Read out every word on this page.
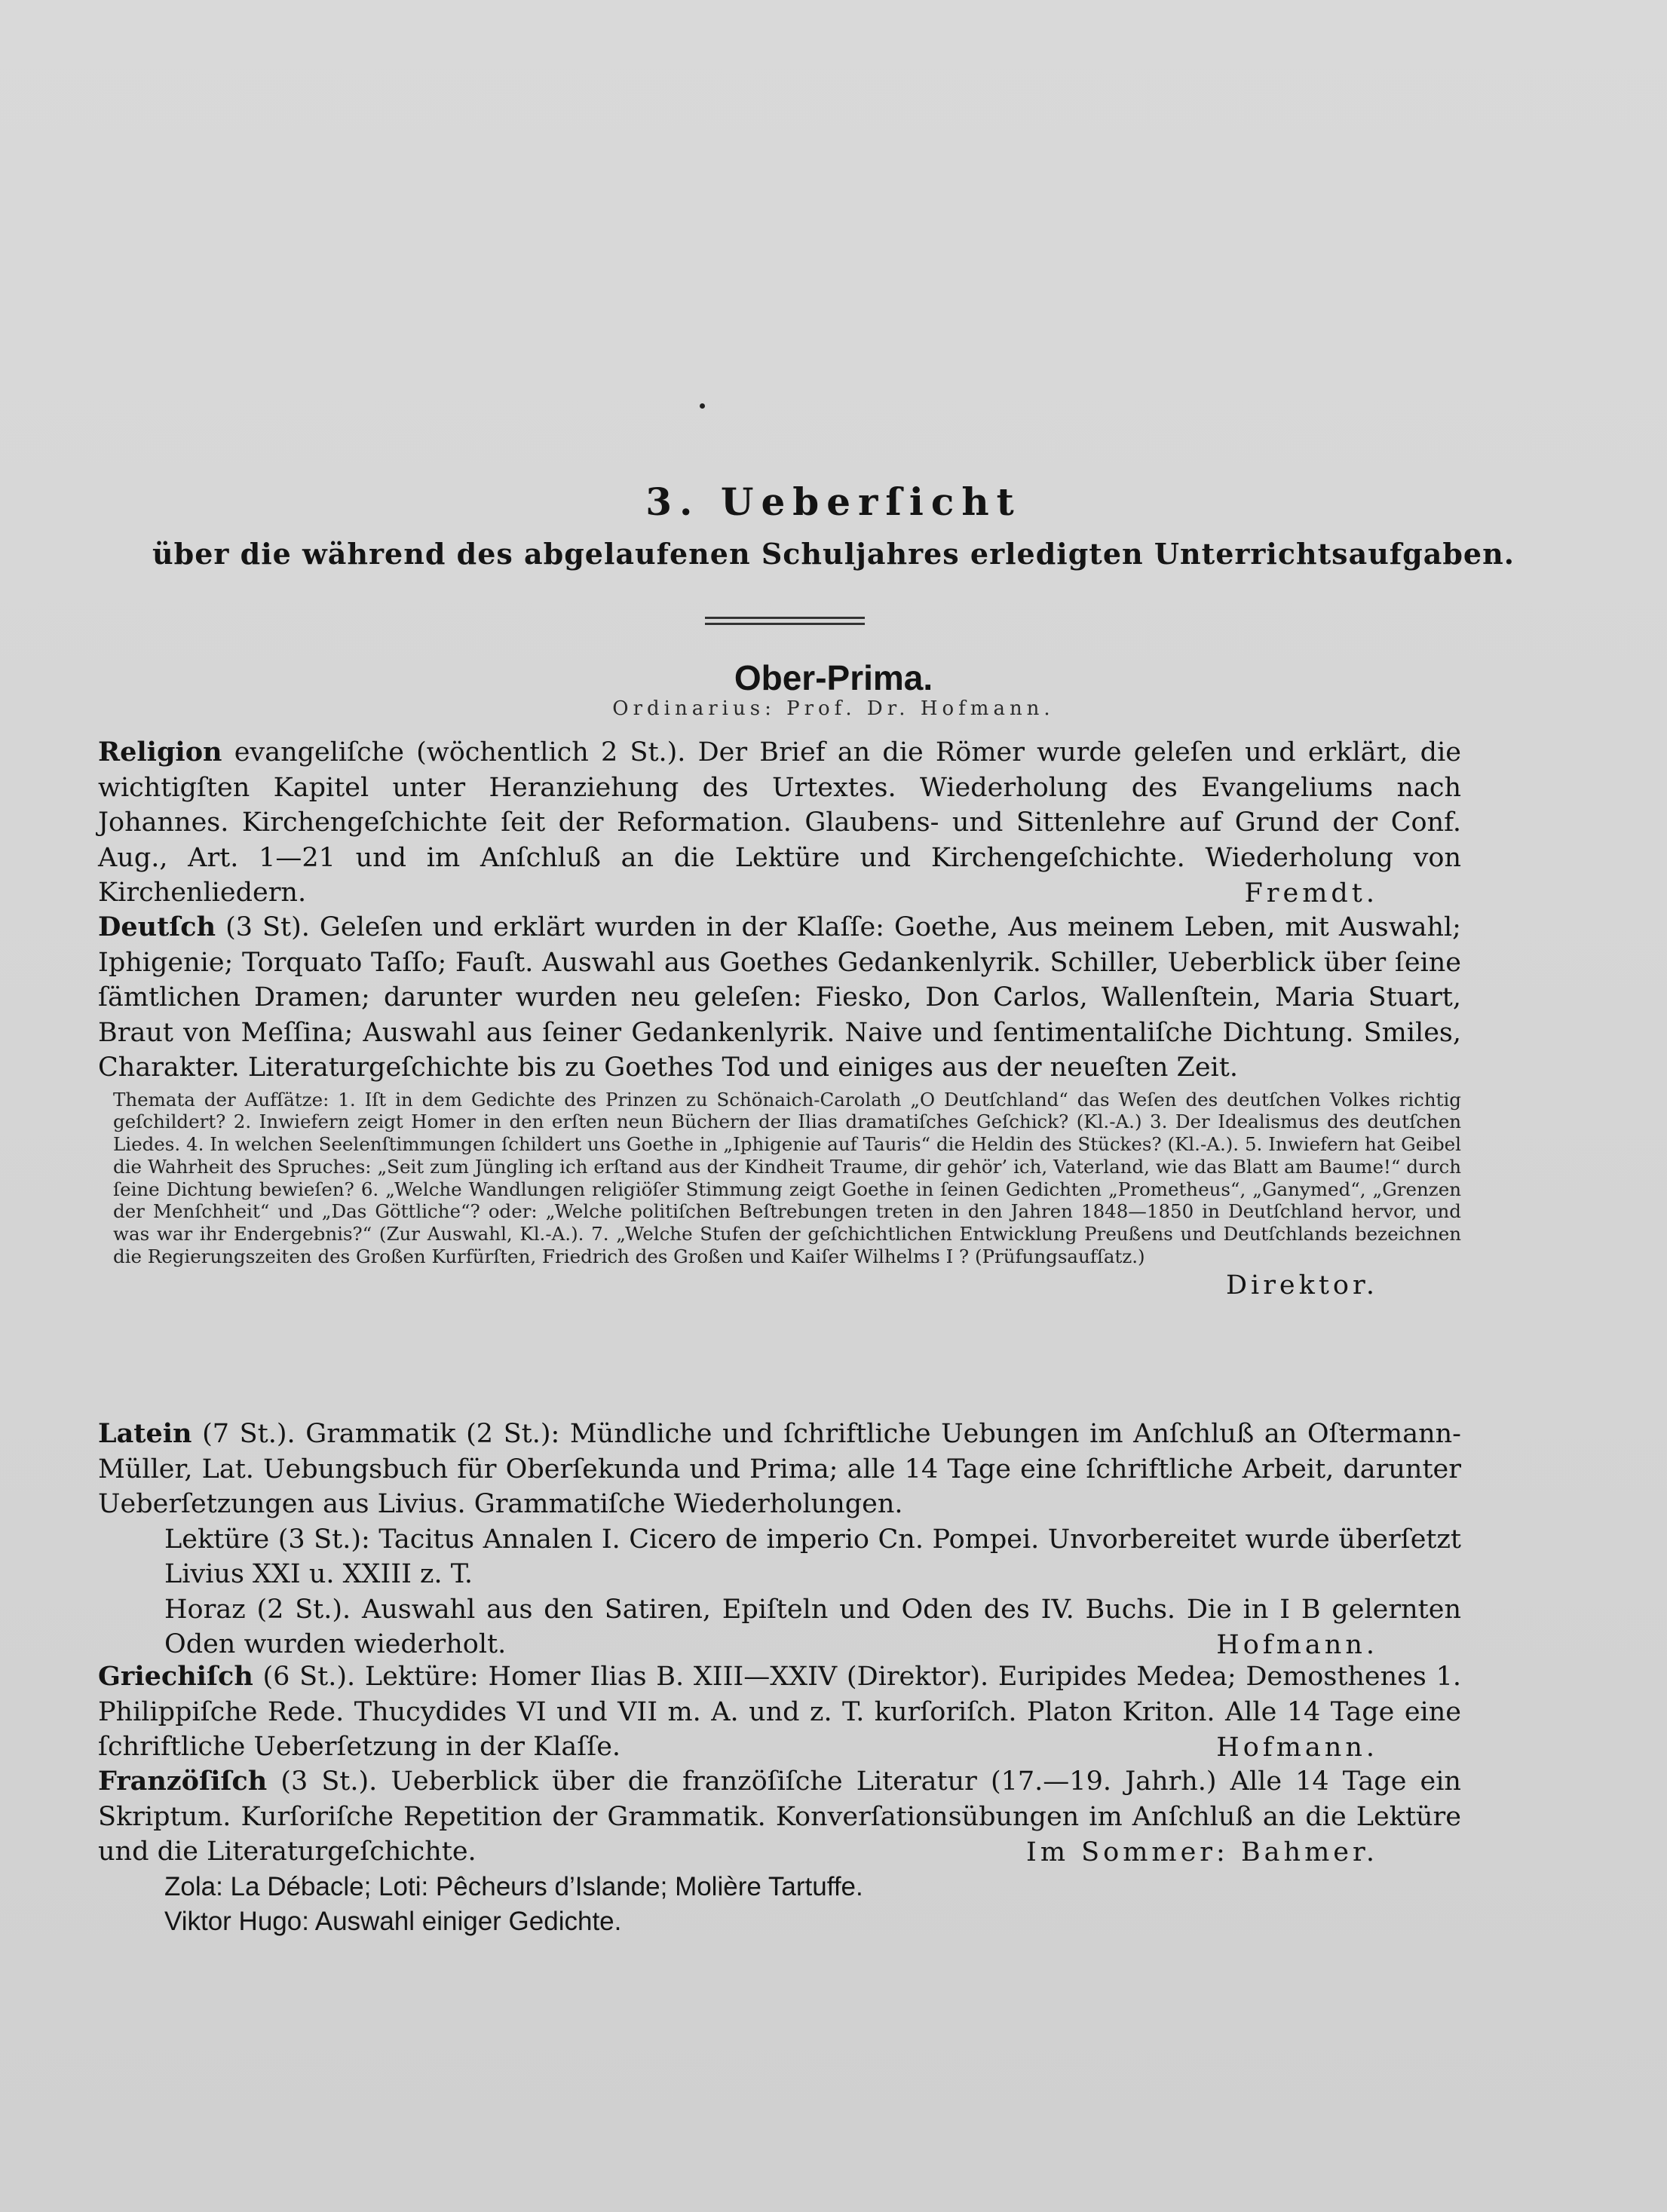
3. Ueberſicht
über die während des abgelaufenen Schuljahres erledigten Unterrichtsaufgaben.
Ober-Prima.
Ordinarius: Prof. Dr. Hofmann.
Religion evangeliſche (wöchentlich 2 St.). Der Brief an die Römer wurde geleſen und erklärt, die wichtigſten Kapitel unter Heranziehung des Urtextes. Wiederholung des Evangeliums nach Johannes. Kirchengeſchichte ſeit der Reformation. Glaubens- und Sittenlehre auf Grund der Conf. Aug., Art. 1—21 und im Anſchluß an die Lektüre und Kirchengeſchichte. Wiederholung von Kirchenliedern.	Fremdt.
Deutſch (3 St). Geleſen und erklärt wurden in der Klaſſe: Goethe, Aus meinem Leben, mit Auswahl; Iphigenie; Torquato Taſſo; Fauſt. Auswahl aus Goethes Gedankenlyrik. Schiller, Ueberblick über ſeine ſämtlichen Dramen; darunter wurden neu geleſen: Fiesko, Don Carlos, Wallenſtein, Maria Stuart, Braut von Meſſina; Auswahl aus ſeiner Gedankenlyrik. Naive und ſentimentaliſche Dichtung. Smiles, Charakter. Literaturgeſchichte bis zu Goethes Tod und einiges aus der neueſten Zeit.
Themata der Aufſätze: 1. Iſt in dem Gedichte des Prinzen zu Schönaich-Carolath „O Deutſchland“ das Weſen des deutſchen Volkes richtig geſchildert? 2. Inwiefern zeigt Homer in den erſten neun Büchern der Ilias dramatiſches Geſchick? (Kl.-A.) 3. Der Idealismus des deutſchen Liedes. 4. In welchen Seelenſtimmungen ſchildert uns Goethe in „Iphigenie auf Tauris“ die Heldin des Stückes? (Kl.-A.). 5. Inwiefern hat Geibel die Wahrheit des Spruches: „Seit zum Jüngling ich erſtand aus der Kindheit Traume, dir gehör’ ich, Vaterland, wie das Blatt am Baume!“ durch ſeine Dichtung bewieſen? 6. „Welche Wandlungen religiöſer Stimmung zeigt Goethe in ſeinen Gedichten „Prometheus“, „Ganymed“, „Grenzen der Menſchheit“ und „Das Göttliche“? oder: „Welche politiſchen Beſtrebungen treten in den Jahren 1848—1850 in Deutſchland hervor, und was war ihr Endergebnis?“ (Zur Auswahl, Kl.-A.). 7. „Welche Stufen der geſchichtlichen Entwicklung Preußens und Deutſchlands bezeichnen die Regierungszeiten des Großen Kurfürſten, Friedrich des Großen und Kaiſer Wilhelms I ? (Prüfungsaufſatz.)
Direktor.
Latein (7 St.). Grammatik (2 St.): Mündliche und ſchriftliche Uebungen im Anſchluß an Oſtermann-Müller, Lat. Uebungsbuch für Oberſekunda und Prima; alle 14 Tage eine ſchriftliche Arbeit, darunter Ueberſetzungen aus Livius. Grammatiſche Wiederholungen.
Lektüre (3 St.): Tacitus Annalen I. Cicero de imperio Cn. Pompei. Unvorbereitet wurde überſetzt Livius XXI u. XXIII z. T.
Horaz (2 St.). Auswahl aus den Satiren, Epiſteln und Oden des IV. Buchs. Die in I B gelernten Oden wurden wiederholt.	Hofmann.
Griechiſch (6 St.). Lektüre: Homer Ilias B. XIII—XXIV (Direktor). Euripides Medea; Demosthenes 1. Philippiſche Rede. Thucydides VI und VII m. A. und z. T. kurſoriſch. Platon Kriton. Alle 14 Tage eine ſchriftliche Ueberſetzung in der Klaſſe.	Hofmann.
Franzöſiſch (3 St.). Ueberblick über die franzöſiſche Literatur (17.—19. Jahrh.) Alle 14 Tage ein Skriptum. Kurſoriſche Repetition der Grammatik. Konverſationsübungen im Anſchluß an die Lektüre und die Literaturgeſchichte.	Im Sommer: Bahmer.
Zola: La Débacle; Loti: Pêcheurs d’Islande; Molière Tartuffe.
Viktor Hugo: Auswahl einiger Gedichte.
